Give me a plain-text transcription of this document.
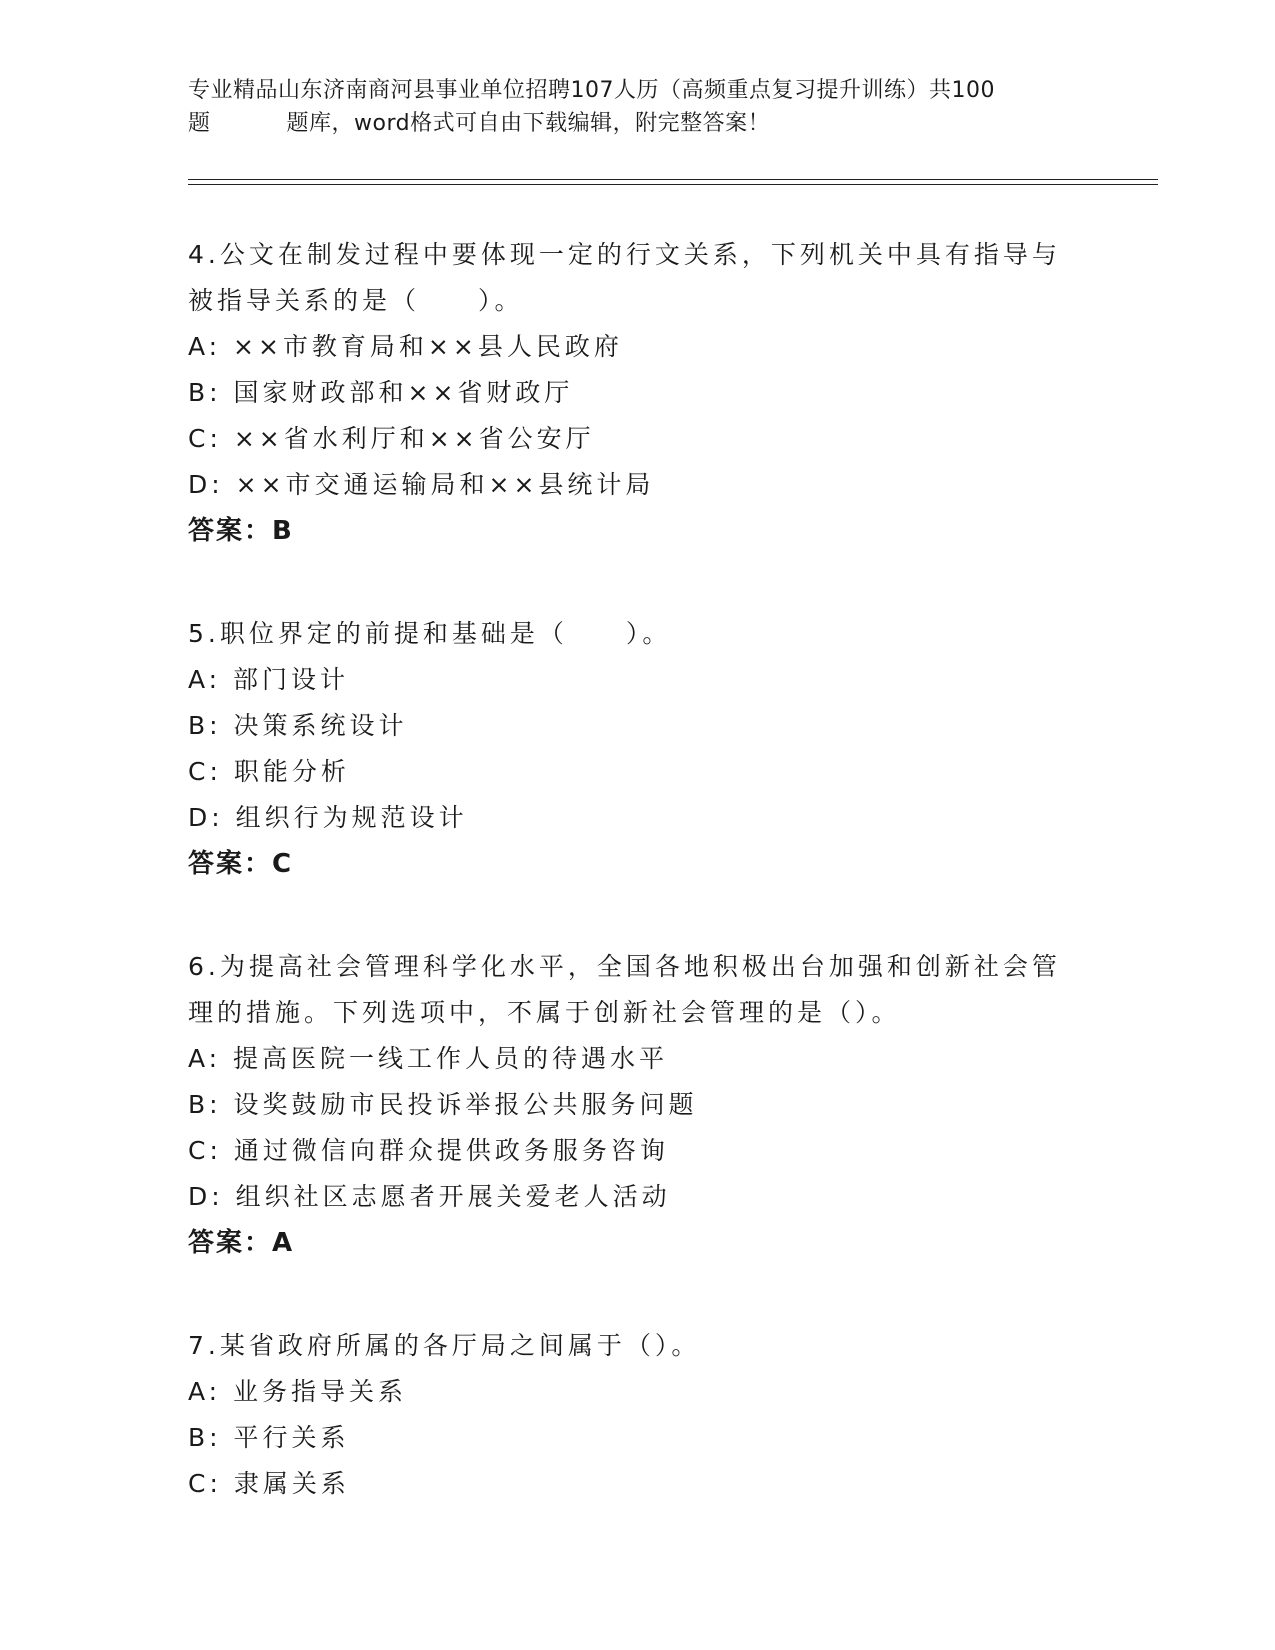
专业精品山东济南商河县事业单位招聘107人历（高频重点复习提升训练）共100
题	题库，word格式可自由下载编辑，附完整答案！

4.公文在制发过程中要体现一定的行文关系，下列机关中具有指导与被指导关系的是（　　）。

A: ××市教育局和××县人民政府

B: 国家财政部和××省财政厅

C: ××省水利厅和××省公安厅

D: ××市交通运输局和××县统计局

答案：B

5.职位界定的前提和基础是（　　）。

A: 部门设计

B: 决策系统设计

C: 职能分析

D: 组织行为规范设计

答案：C

6.为提高社会管理科学化水平，全国各地积极出台加强和创新社会管理的措施。下列选项中，不属于创新社会管理的是（）。

A: 提高医院一线工作人员的待遇水平

B: 设奖鼓励市民投诉举报公共服务问题

C: 通过微信向群众提供政务服务咨询

D: 组织社区志愿者开展关爱老人活动

答案：A

7.某省政府所属的各厅局之间属于（）。

A: 业务指导关系

B: 平行关系

C: 隶属关系
